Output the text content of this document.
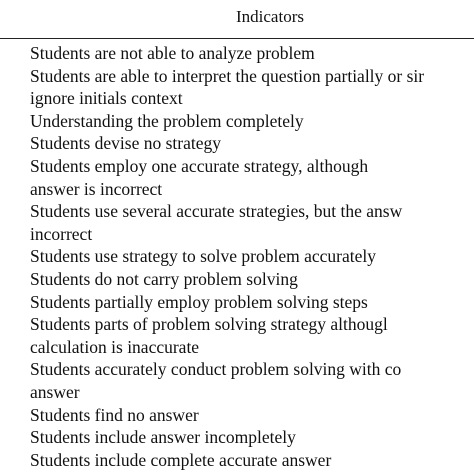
Indicators
Students are not able to analyze problem
Students are able to interpret the question partially or sir
ignore initials context
Understanding the problem completely
Students devise no strategy
Students employ one accurate strategy, although
answer is incorrect
Students use several accurate strategies, but the answ
incorrect
Students use strategy to solve problem accurately
Students do not carry problem solving
Students partially employ problem solving steps
Students parts of problem solving strategy althougl
calculation is inaccurate
Students accurately conduct problem solving with co
answer
Students find no answer
Students include answer incompletely
Students include complete accurate answer
